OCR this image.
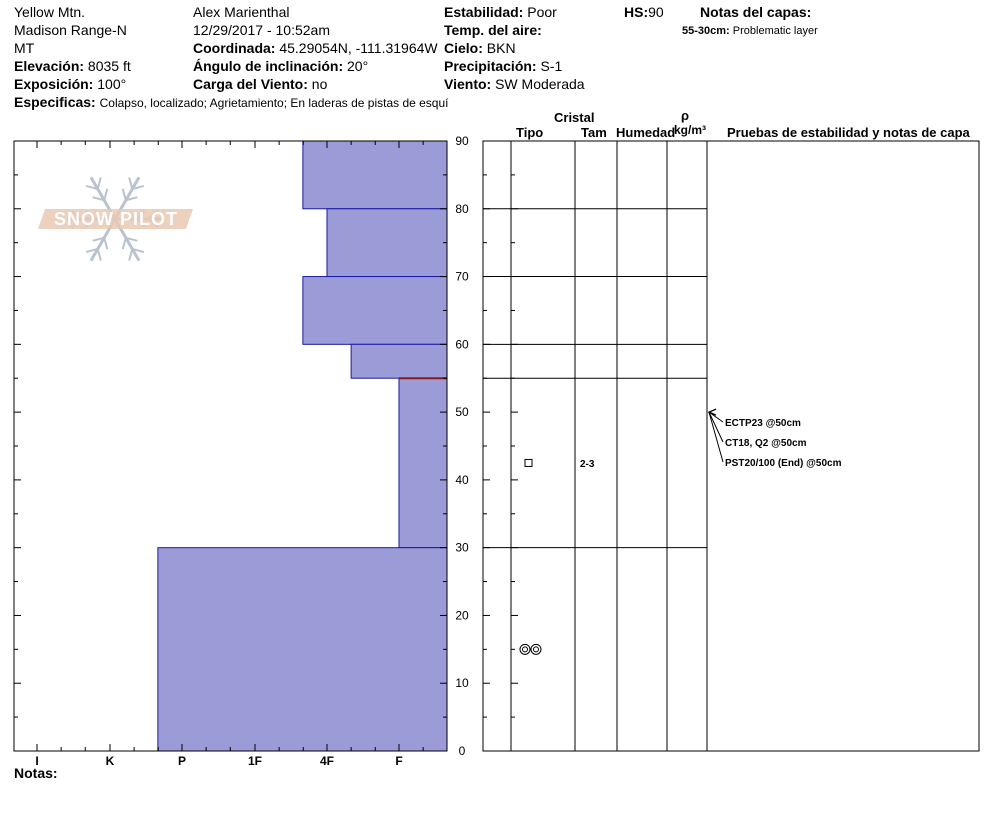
Yellow Mtn.
Madison Range-N
MT
Elevación: 8035 ft
Exposición: 100°
Especificas: Colapso, localizado; Agrietamiento; En laderas de pistas de esquí
Alex Marienthal
12/29/2017 - 10:52am
Coordinada: 45.29054N, -111.31964W
Ángulo de inclinación: 20°
Carga del Viento: no
Estabilidad: Poor
Temp. del aire:
Cielo: BKN
Precipitación: S-1
Viento: SW Moderada
HS:90	Notas del capas:
55-30cm: Problematic layer
Cristal
Tipo	Tam Humedad
ρ
kg/m³ Pruebas de estabilidad y notas de capa
Notas:
SNOW PILOT
0
10
20
30
40
50
60
70
80
90
I	K	P	1F	4F	F
2-3
ECTP23 @50cm
CT18, Q2 @50cm
PST20/100 (End) @50cm
